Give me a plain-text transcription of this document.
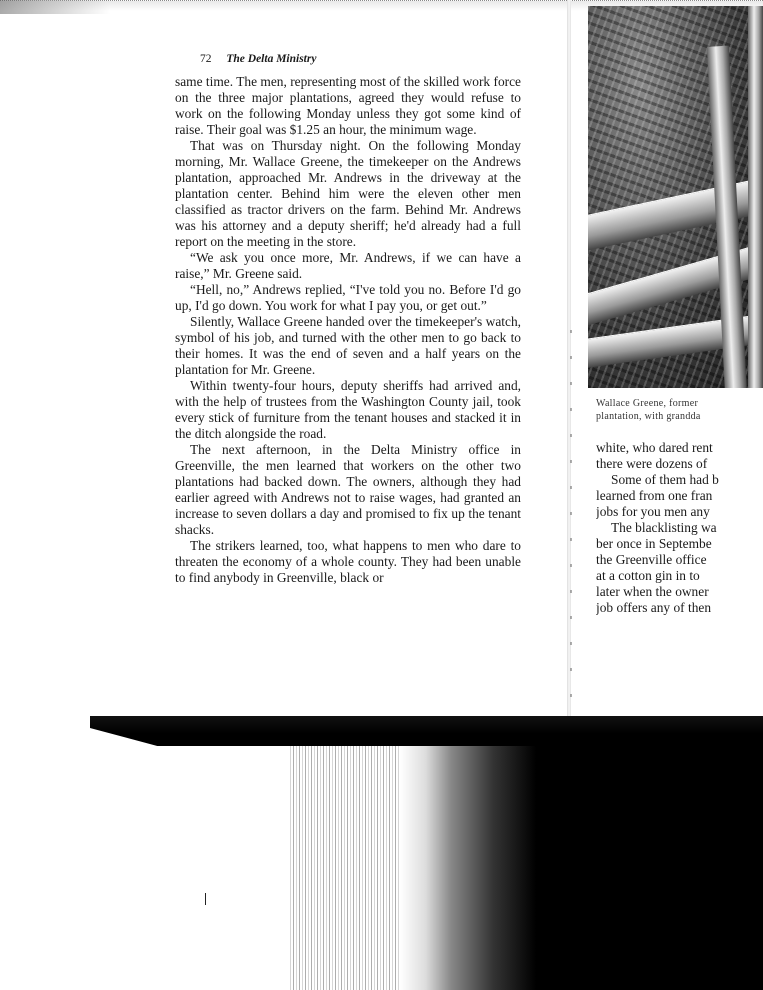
72 The Delta Ministry

same time. The men, representing most of the skilled work force on the three major plantations, agreed they would refuse to work on the following Monday unless they got some kind of raise. Their goal was $1.25 an hour, the minimum wage.

That was on Thursday night. On the following Monday morning, Mr. Wallace Greene, the timekeeper on the Andrews plantation, approached Mr. Andrews in the driveway at the plantation center. Behind him were the eleven other men classified as tractor drivers on the farm. Behind Mr. Andrews was his attorney and a deputy sheriff; he'd already had a full report on the meeting in the store.

“We ask you once more, Mr. Andrews, if we can have a raise,” Mr. Greene said.

“Hell, no,” Andrews replied, “I've told you no. Before I'd go up, I'd go down. You work for what I pay you, or get out.”

Silently, Wallace Greene handed over the timekeeper's watch, symbol of his job, and turned with the other men to go back to their homes. It was the end of seven and a half years on the plantation for Mr. Greene.

Within twenty-four hours, deputy sheriffs had arrived and, with the help of trustees from the Washington County jail, took every stick of furniture from the tenant houses and stacked it in the ditch alongside the road.

The next afternoon, in the Delta Ministry office in Greenville, the men learned that workers on the other two plantations had backed down. The owners, although they had earlier agreed with Andrews not to raise wages, had granted an increase to seven dollars a day and promised to fix up the tenant shacks.

The strikers learned, too, what happens to men who dare to threaten the economy of a whole county. They had been unable to find anybody in Greenville, black or

Wallace Greene, former
plantation, with grandda
white, who dared rent
there were dozens of
Some of them had b
learned from one fran
jobs for you men any
The blacklisting wa
ber once in Septembe
the Greenville office
at a cotton gin in to
later when the owner
job offers any of then
